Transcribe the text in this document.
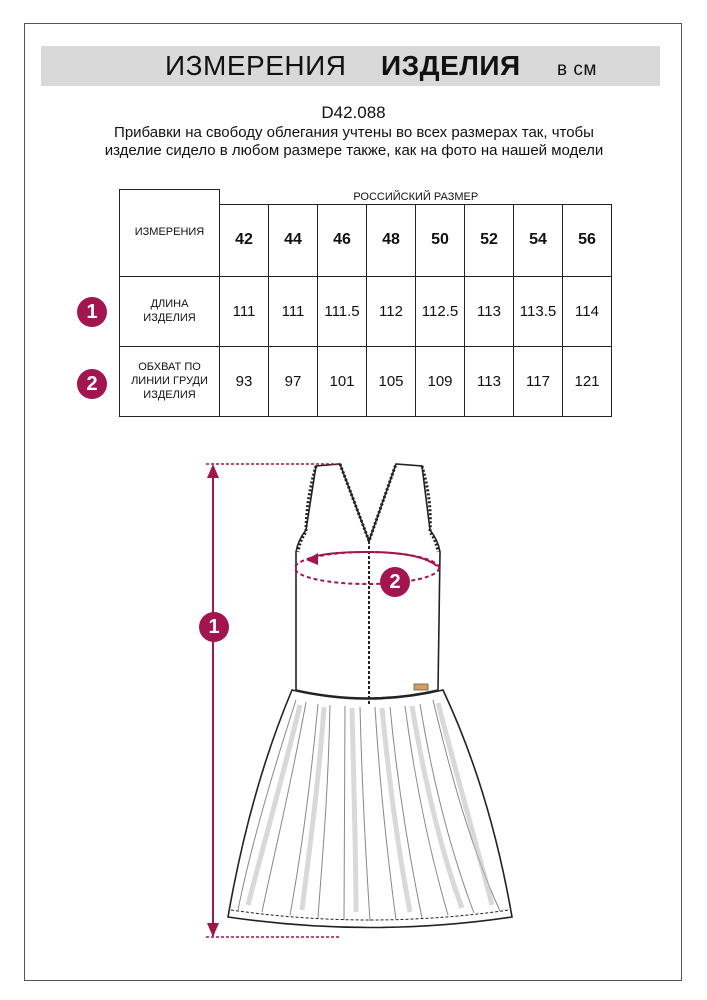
ИЗМЕРЕНИЯ ИЗДЕЛИЯ в см
D42.088
Прибавки на свободу облегания учтены во всех размерах так, чтобы изделие сидело в любом размере также, как на фото на нашей модели
ИЗМЕРЕНИЯ	РОССИЙСКИЙ РАЗМЕР							
	42	44	46	48	50	52	54	56
ДЛИНА
ИЗДЕЛИЯ	111	111	111.5	112	112.5	113	113.5	114
ОБХВАТ ПО
ЛИНИИ ГРУДИ
ИЗДЕЛИЯ	93	97	101	105	109	113	117	121
1
2
1
2
